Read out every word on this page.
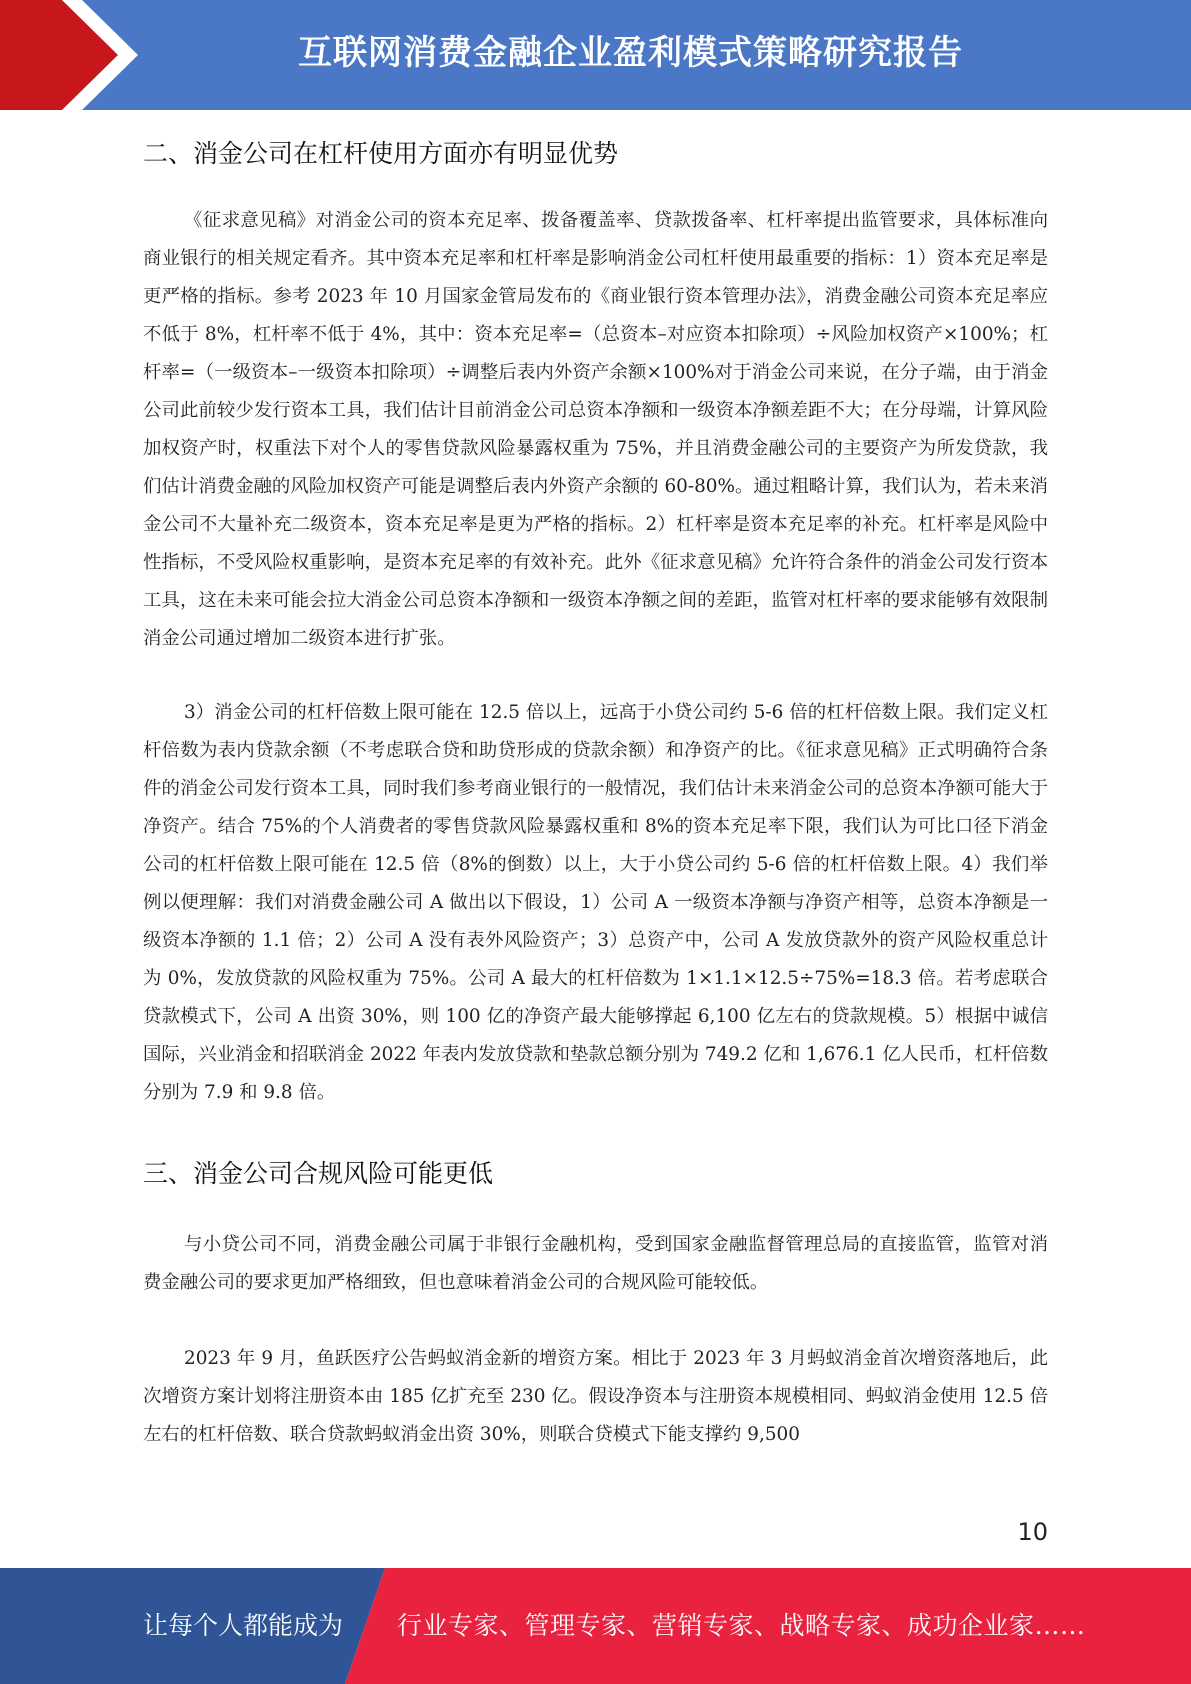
互联网消费金融企业盈利模式策略研究报告
二、消金公司在杠杆使用方面亦有明显优势

《征求意见稿》对消金公司的资本充足率、拨备覆盖率、贷款拨备率、杠杆率提出监管要求，具体标准向商业银行的相关规定看齐。其中资本充足率和杠杆率是影响消金公司杠杆使用最重要的指标：1）资本充足率是更严格的指标。参考 2023 年 10 月国家金管局发布的《商业银行资本管理办法》，消费金融公司资本充足率应不低于 8%，杠杆率不低于 4%，其中：资本充足率=（总资本–对应资本扣除项）÷风险加权资产×100%；杠杆率=（一级资本–一级资本扣除项）÷调整后表内外资产余额×100%对于消金公司来说，在分子端，由于消金公司此前较少发行资本工具，我们估计目前消金公司总资本净额和一级资本净额差距不大；在分母端，计算风险加权资产时，权重法下对个人的零售贷款风险暴露权重为 75%，并且消费金融公司的主要资产为所发贷款，我们估计消费金融的风险加权资产可能是调整后表内外资产余额的 60-80%。通过粗略计算，我们认为，若未来消金公司不大量补充二级资本，资本充足率是更为严格的指标。2）杠杆率是资本充足率的补充。杠杆率是风险中性指标，不受风险权重影响，是资本充足率的有效补充。此外《征求意见稿》允许符合条件的消金公司发行资本工具，这在未来可能会拉大消金公司总资本净额和一级资本净额之间的差距，监管对杠杆率的要求能够有效限制消金公司通过增加二级资本进行扩张。

3）消金公司的杠杆倍数上限可能在 12.5 倍以上，远高于小贷公司约 5-6 倍的杠杆倍数上限。我们定义杠杆倍数为表内贷款余额（不考虑联合贷和助贷形成的贷款余额）和净资产的比。《征求意见稿》正式明确符合条件的消金公司发行资本工具，同时我们参考商业银行的一般情况，我们估计未来消金公司的总资本净额可能大于净资产。结合 75%的个人消费者的零售贷款风险暴露权重和 8%的资本充足率下限，我们认为可比口径下消金公司的杠杆倍数上限可能在 12.5 倍（8%的倒数）以上，大于小贷公司约 5-6 倍的杠杆倍数上限。4）我们举例以便理解：我们对消费金融公司 A 做出以下假设，1）公司 A 一级资本净额与净资产相等，总资本净额是一级资本净额的 1.1 倍；2）公司 A 没有表外风险资产；3）总资产中，公司 A 发放贷款外的资产风险权重总计为 0%，发放贷款的风险权重为 75%。公司 A 最大的杠杆倍数为 1×1.1×12.5÷75%=18.3 倍。若考虑联合贷款模式下，公司 A 出资 30%，则 100 亿的净资产最大能够撑起 6,100 亿左右的贷款规模。5）根据中诚信国际，兴业消金和招联消金 2022 年表内发放贷款和垫款总额分别为 749.2 亿和 1,676.1 亿人民币，杠杆倍数分别为 7.9 和 9.8 倍。

三、消金公司合规风险可能更低

与小贷公司不同，消费金融公司属于非银行金融机构，受到国家金融监督管理总局的直接监管，监管对消费金融公司的要求更加严格细致，但也意味着消金公司的合规风险可能较低。

2023 年 9 月，鱼跃医疗公告蚂蚁消金新的增资方案。相比于 2023 年 3 月蚂蚁消金首次增资落地后，此次增资方案计划将注册资本由 185 亿扩充至 230 亿。假设净资本与注册资本规模相同、蚂蚁消金使用 12.5 倍左右的杠杆倍数、联合贷款蚂蚁消金出资 30%，则联合贷模式下能支撑约 9,500

10
让每个人都能成为 行业专家、管理专家、营销专家、战略专家、成功企业家……
